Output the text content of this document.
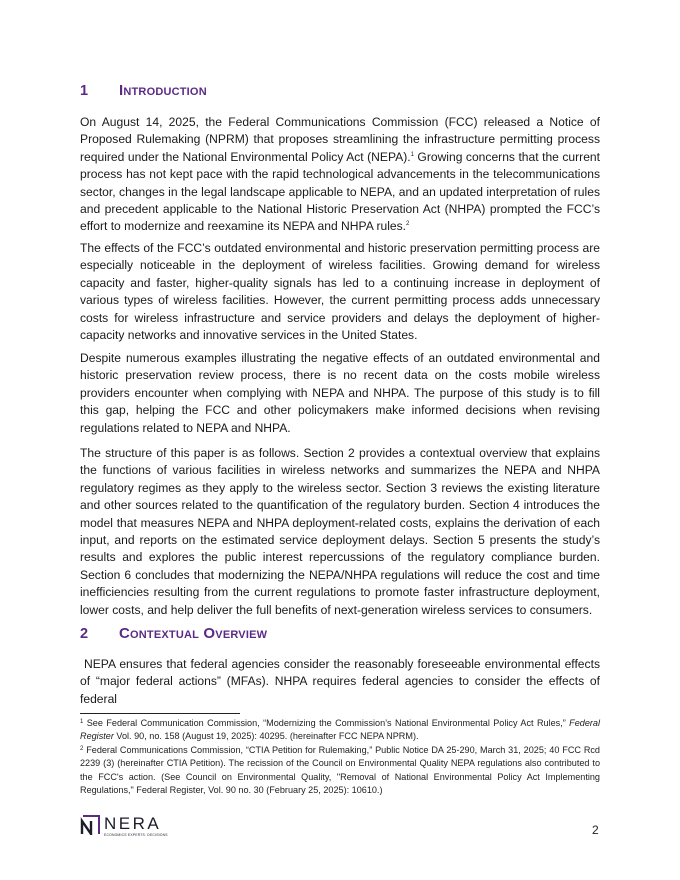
1	Introduction

On August 14, 2025, the Federal Communications Commission (FCC) released a Notice of Proposed Rulemaking (NPRM) that proposes streamlining the infrastructure permitting process required under the National Environmental Policy Act (NEPA).$^1$ Growing concerns that the current process has not kept pace with the rapid technological advancements in the telecommunications sector, changes in the legal landscape applicable to NEPA, and an updated interpretation of rules and precedent applicable to the National Historic Preservation Act (NHPA) prompted the FCC’s effort to modernize and reexamine its NEPA and NHPA rules.$^2$

The effects of the FCC’s outdated environmental and historic preservation permitting process are especially noticeable in the deployment of wireless facilities. Growing demand for wireless capacity and faster, higher-quality signals has led to a continuing increase in deployment of various types of wireless facilities. However, the current permitting process adds unnecessary costs for wireless infrastructure and service providers and delays the deployment of higher-capacity networks and innovative services in the United States.

Despite numerous examples illustrating the negative effects of an outdated environmental and historic preservation review process, there is no recent data on the costs mobile wireless providers encounter when complying with NEPA and NHPA. The purpose of this study is to fill this gap, helping the FCC and other policymakers make informed decisions when revising regulations related to NEPA and NHPA.

The structure of this paper is as follows. Section 2 provides a contextual overview that explains the functions of various facilities in wireless networks and summarizes the NEPA and NHPA regulatory regimes as they apply to the wireless sector. Section 3 reviews the existing literature and other sources related to the quantification of the regulatory burden. Section 4 introduces the model that measures NEPA and NHPA deployment-related costs, explains the derivation of each input, and reports on the estimated service deployment delays. Section 5 presents the study’s results and explores the public interest repercussions of the regulatory compliance burden. Section 6 concludes that modernizing the NEPA/NHPA regulations will reduce the cost and time inefficiencies resulting from the current regulations to promote faster infrastructure deployment, lower costs, and help deliver the full benefits of next-generation wireless services to consumers.

2	Contextual Overview

NEPA ensures that federal agencies consider the reasonably foreseeable environmental effects of “major federal actions” (MFAs). NHPA requires federal agencies to consider the effects of federal

$^1$ See Federal Communication Commission, “Modernizing the Commission’s National Environmental Policy Act Rules,” Federal Register Vol. 90, no. 158 (August 19, 2025): 40295. (hereinafter FCC NEPA NPRM).

$^2$ Federal Communications Commission, “CTIA Petition for Rulemaking,” Public Notice DA 25-290, March 31, 2025; 40 FCC Rcd 2239 (3) (hereinafter CTIA Petition). The recission of the Council on Environmental Quality NEPA regulations also contributed to the FCC's action. (See Council on Environmental Quality, "Removal of National Environmental Policy Act Implementing Regulations," Federal Register, Vol. 90 no. 30 (February 25, 2025): 10610.)

NERA
ECONOMICS EXPERTS. DECISIONS	2
